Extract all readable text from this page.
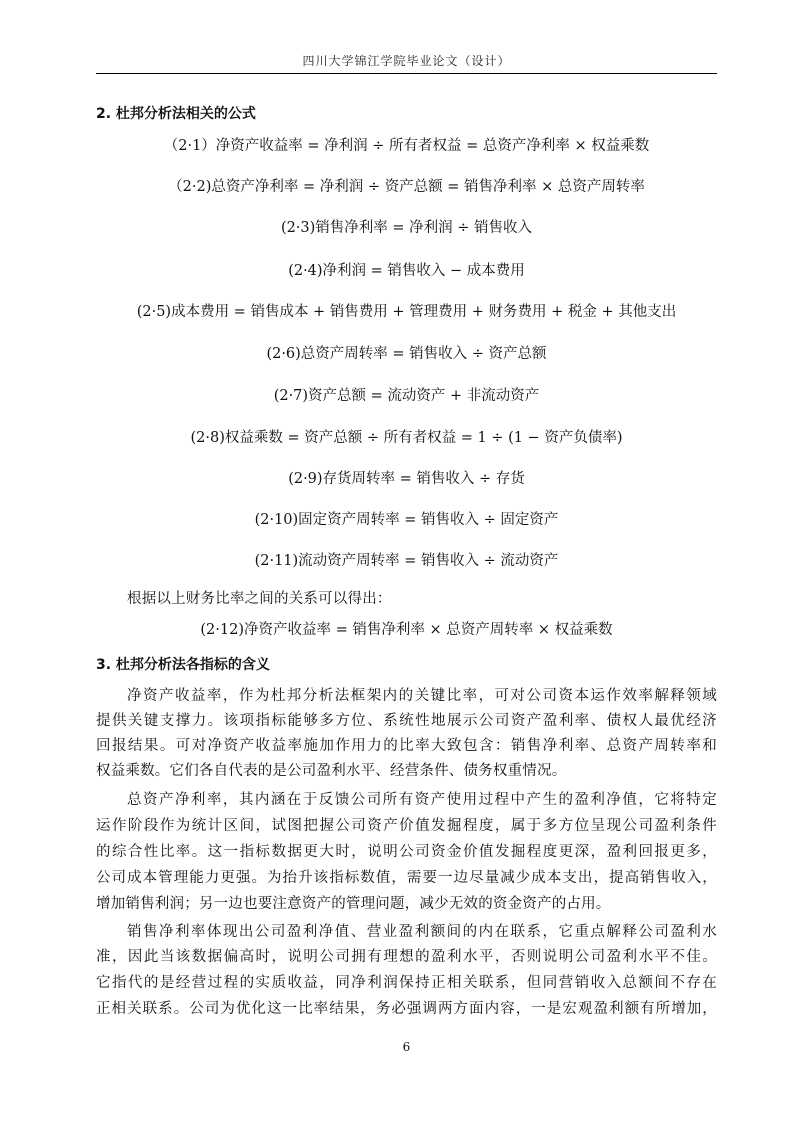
四川大学锦江学院毕业论文（设计）
2. 杜邦分析法相关的公式
（2·1）净资产收益率 = 净利润 ÷ 所有者权益 = 总资产净利率 × 权益乘数
（2·2)总资产净利率 = 净利润 ÷ 资产总额 = 销售净利率 × 总资产周转率
(2·3)销售净利率 = 净利润 ÷ 销售收入
(2·4)净利润 = 销售收入 − 成本费用
(2·5)成本费用 = 销售成本 + 销售费用 + 管理费用 + 财务费用 + 税金 + 其他支出
(2·6)总资产周转率 = 销售收入 ÷ 资产总额
(2·7)资产总额 = 流动资产 + 非流动资产
(2·8)权益乘数 = 资产总额 ÷ 所有者权益 = 1 ÷ (1 − 资产负债率)
(2·9)存货周转率 = 销售收入 ÷ 存货
(2·10)固定资产周转率 = 销售收入 ÷ 固定资产
(2·11)流动资产周转率 = 销售收入 ÷ 流动资产
根据以上财务比率之间的关系可以得出：
(2·12)净资产收益率 = 销售净利率 × 总资产周转率 × 权益乘数
3. 杜邦分析法各指标的含义
净资产收益率，作为杜邦分析法框架内的关键比率，可对公司资本运作效率解释领域
提供关键支撑力。该项指标能够多方位、系统性地展示公司资产盈利率、债权人最优经济
回报结果。可对净资产收益率施加作用力的比率大致包含：销售净利率、总资产周转率和
权益乘数。它们各自代表的是公司盈利水平、经营条件、债务权重情况。
总资产净利率，其内涵在于反馈公司所有资产使用过程中产生的盈利净值，它将特定
运作阶段作为统计区间，试图把握公司资产价值发掘程度，属于多方位呈现公司盈利条件
的综合性比率。这一指标数据更大时，说明公司资金价值发掘程度更深，盈利回报更多，
公司成本管理能力更强。为抬升该指标数值，需要一边尽量减少成本支出，提高销售收入，
增加销售利润；另一边也要注意资产的管理问题，减少无效的资金资产的占用。
销售净利率体现出公司盈利净值、营业盈利额间的内在联系，它重点解释公司盈利水
准，因此当该数据偏高时，说明公司拥有理想的盈利水平，否则说明公司盈利水平不佳。
它指代的是经营过程的实质收益，同净利润保持正相关联系，但同营销收入总额间不存在
正相关联系。公司为优化这一比率结果，务必强调两方面内容，一是宏观盈利额有所增加，
6
